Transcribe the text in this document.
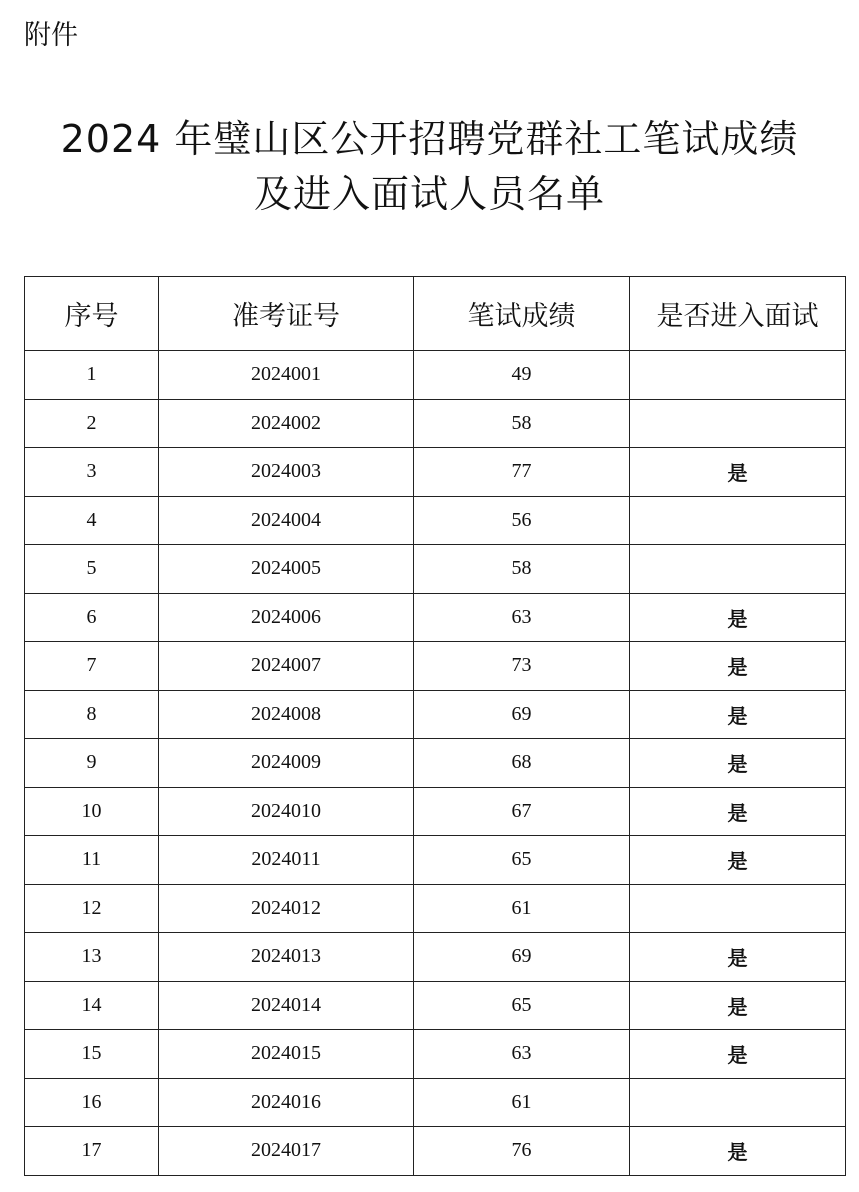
附件
2024 年璧山区公开招聘党群社工笔试成绩
及进入面试人员名单
序号	准考证号	笔试成绩	是否进入面试
1	2024001	49	
2	2024002	58	
3	2024003	77	是
4	2024004	56	
5	2024005	58	
6	2024006	63	是
7	2024007	73	是
8	2024008	69	是
9	2024009	68	是
10	2024010	67	是
11	2024011	65	是
12	2024012	61	
13	2024013	69	是
14	2024014	65	是
15	2024015	63	是
16	2024016	61	
17	2024017	76	是
